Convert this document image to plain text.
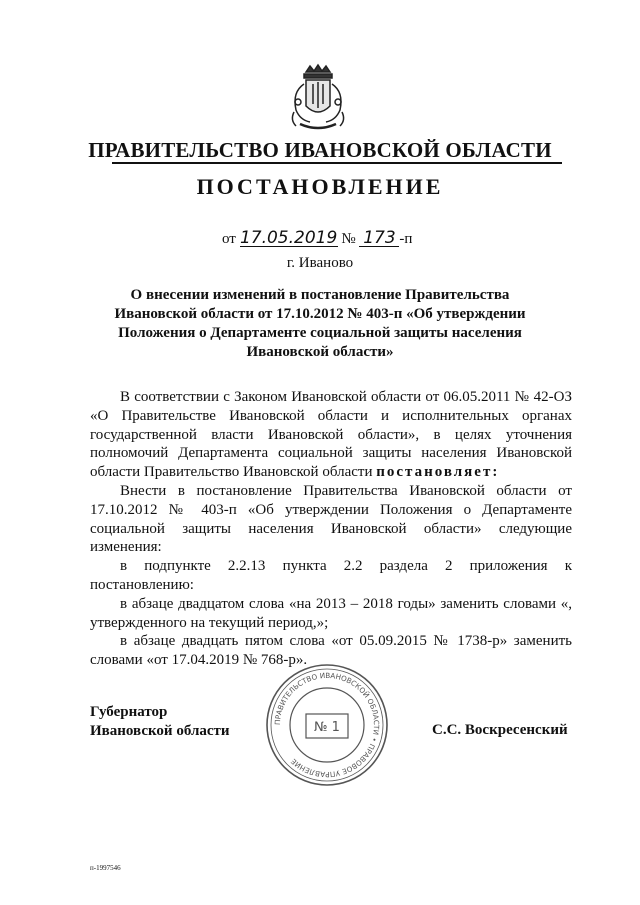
ПРАВИТЕЛЬСТВО ИВАНОВСКОЙ ОБЛАСТИ
ПОСТАНОВЛЕНИЕ
от 17.05.2019 № 173 -п
г. Иваново
О внесении изменений в постановление Правительства Ивановской области от 17.10.2012 № 403-п «Об утверждении Положения о Департаменте социальной защиты населения Ивановской области»

В соответствии с Законом Ивановской области от 06.05.2011 № 42-ОЗ «О Правительстве Ивановской области и исполнительных органах государственной власти Ивановской области», в целях уточнения полномочий Департамента социальной защиты населения Ивановской области Правительство Ивановской области постановляет:

Внести в постановление Правительства Ивановской области от 17.10.2012 № 403-п «Об утверждении Положения о Департаменте социальной защиты населения Ивановской области» следующие изменения:

в подпункте 2.2.13 пункта 2.2 раздела 2 приложения к постановлению:

в абзаце двадцатом слова «на 2013 – 2018 годы» заменить словами «, утвержденного на текущий период,»;

в абзаце двадцать пятом слова «от 05.09.2015 № 1738-р» заменить словами «от 17.04.2019 № 768-р».

Губернатор
Ивановской области
ПРАВИТЕЛЬСТВО ИВАНОВСКОЙ ОБЛАСТИ • ПРАВОВОЕ УПРАВЛЕНИЕ
№ 1	С.С. Воскресенский
п-1997546
